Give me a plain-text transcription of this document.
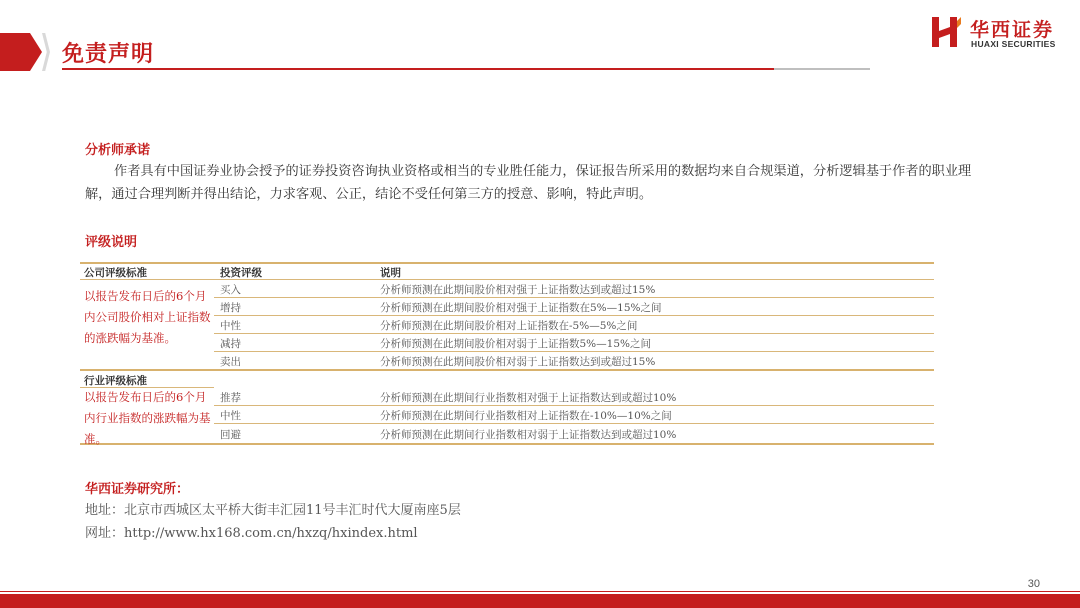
免责声明
华西证券
HUAXI SECURITIES
分析师承诺
作者具有中国证券业协会授予的证券投资咨询执业资格或相当的专业胜任能力，保证报告所采用的数据均来自合规渠道，分析逻辑基于作者的职业理解，通过合理判断并得出结论，力求客观、公正，结论不受任何第三方的授意、影响，特此声明。
评级说明
公司评级标准	投资评级	说明
以报告发布日后的6个月内公司股价相对上证指数的涨跌幅为基准。
买入	分析师预测在此期间股价相对强于上证指数达到或超过15%
增持	分析师预测在此期间股价相对强于上证指数在5%—15%之间
中性	分析师预测在此期间股价相对上证指数在-5%—5%之间
减持	分析师预测在此期间股价相对弱于上证指数5%—15%之间
卖出	分析师预测在此期间股价相对弱于上证指数达到或超过15%
行业评级标准
以报告发布日后的6个月内行业指数的涨跌幅为基准。
推荐	分析师预测在此期间行业指数相对强于上证指数达到或超过10%
中性	分析师预测在此期间行业指数相对上证指数在-10%—10%之间
回避	分析师预测在此期间行业指数相对弱于上证指数达到或超过10%
华西证券研究所：
地址：北京市西城区太平桥大街丰汇园11号丰汇时代大厦南座5层
网址：http://www.hx168.com.cn/hxzq/hxindex.html
30
